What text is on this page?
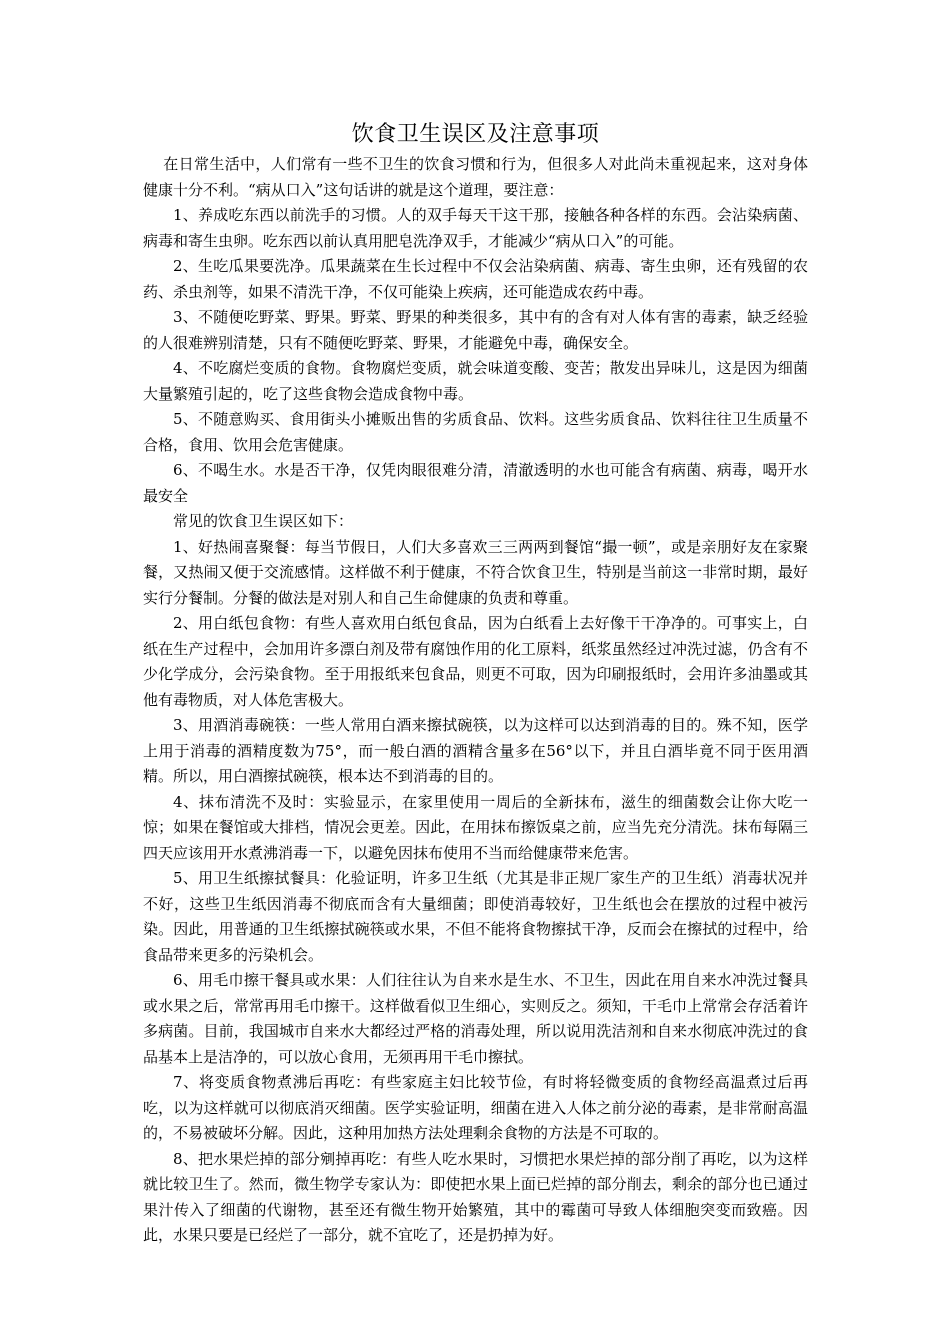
饮食卫生误区及注意事项

在日常生活中，人们常有一些不卫生的饮食习惯和行为，但很多人对此尚未重视起来，这对身体健康十分不利。“病从口入”这句话讲的就是这个道理，要注意：

1、养成吃东西以前洗手的习惯。人的双手每天干这干那，接触各种各样的东西。会沾染病菌、病毒和寄生虫卵。吃东西以前认真用肥皂洗净双手，才能减少“病从口入”的可能。

2、生吃瓜果要洗净。瓜果蔬菜在生长过程中不仅会沾染病菌、病毒、寄生虫卵，还有残留的农药、杀虫剂等，如果不清洗干净，不仅可能染上疾病，还可能造成农药中毒。

3、不随便吃野菜、野果。野菜、野果的种类很多，其中有的含有对人体有害的毒素，缺乏经验的人很难辨别清楚，只有不随便吃野菜、野果，才能避免中毒，确保安全。

4、不吃腐烂变质的食物。食物腐烂变质，就会味道变酸、变苦；散发出异味儿，这是因为细菌大量繁殖引起的，吃了这些食物会造成食物中毒。

5、不随意购买、食用街头小摊贩出售的劣质食品、饮料。这些劣质食品、饮料往往卫生质量不合格，食用、饮用会危害健康。

6、不喝生水。水是否干净，仅凭肉眼很难分清，清澈透明的水也可能含有病菌、病毒，喝开水最安全

常见的饮食卫生误区如下：

1、好热闹喜聚餐：每当节假日，人们大多喜欢三三两两到餐馆“撮一顿”，或是亲朋好友在家聚餐，又热闹又便于交流感情。这样做不利于健康，不符合饮食卫生，特别是当前这一非常时期，最好实行分餐制。分餐的做法是对别人和自己生命健康的负责和尊重。

2、用白纸包食物：有些人喜欢用白纸包食品，因为白纸看上去好像干干净净的。可事实上，白纸在生产过程中，会加用许多漂白剂及带有腐蚀作用的化工原料，纸浆虽然经过冲洗过滤，仍含有不少化学成分，会污染食物。至于用报纸来包食品，则更不可取，因为印刷报纸时，会用许多油墨或其他有毒物质，对人体危害极大。

3、用酒消毒碗筷：一些人常用白酒来擦拭碗筷，以为这样可以达到消毒的目的。殊不知，医学上用于消毒的酒精度数为75°，而一般白酒的酒精含量多在56°以下，并且白酒毕竟不同于医用酒精。所以，用白酒擦拭碗筷，根本达不到消毒的目的。

4、抹布清洗不及时：实验显示，在家里使用一周后的全新抹布，滋生的细菌数会让你大吃一惊；如果在餐馆或大排档，情况会更差。因此，在用抹布擦饭桌之前，应当先充分清洗。抹布每隔三四天应该用开水煮沸消毒一下，以避免因抹布使用不当而给健康带来危害。

5、用卫生纸擦拭餐具：化验证明，许多卫生纸（尤其是非正规厂家生产的卫生纸）消毒状况并不好，这些卫生纸因消毒不彻底而含有大量细菌；即使消毒较好，卫生纸也会在摆放的过程中被污染。因此，用普通的卫生纸擦拭碗筷或水果，不但不能将食物擦拭干净，反而会在擦拭的过程中，给食品带来更多的污染机会。

6、用毛巾擦干餐具或水果：人们往往认为自来水是生水、不卫生，因此在用自来水冲洗过餐具或水果之后，常常再用毛巾擦干。这样做看似卫生细心，实则反之。须知，干毛巾上常常会存活着许多病菌。目前，我国城市自来水大都经过严格的消毒处理，所以说用洗洁剂和自来水彻底冲洗过的食品基本上是洁净的，可以放心食用，无须再用干毛巾擦拭。

7、将变质食物煮沸后再吃：有些家庭主妇比较节俭，有时将轻微变质的食物经高温煮过后再吃，以为这样就可以彻底消灭细菌。医学实验证明，细菌在进入人体之前分泌的毒素，是非常耐高温的，不易被破坏分解。因此，这种用加热方法处理剩余食物的方法是不可取的。

8、把水果烂掉的部分剜掉再吃：有些人吃水果时，习惯把水果烂掉的部分削了再吃，以为这样就比较卫生了。然而，微生物学专家认为：即使把水果上面已烂掉的部分削去，剩余的部分也已通过果汁传入了细菌的代谢物，甚至还有微生物开始繁殖，其中的霉菌可导致人体细胞突变而致癌。因此，水果只要是已经烂了一部分，就不宜吃了，还是扔掉为好。
